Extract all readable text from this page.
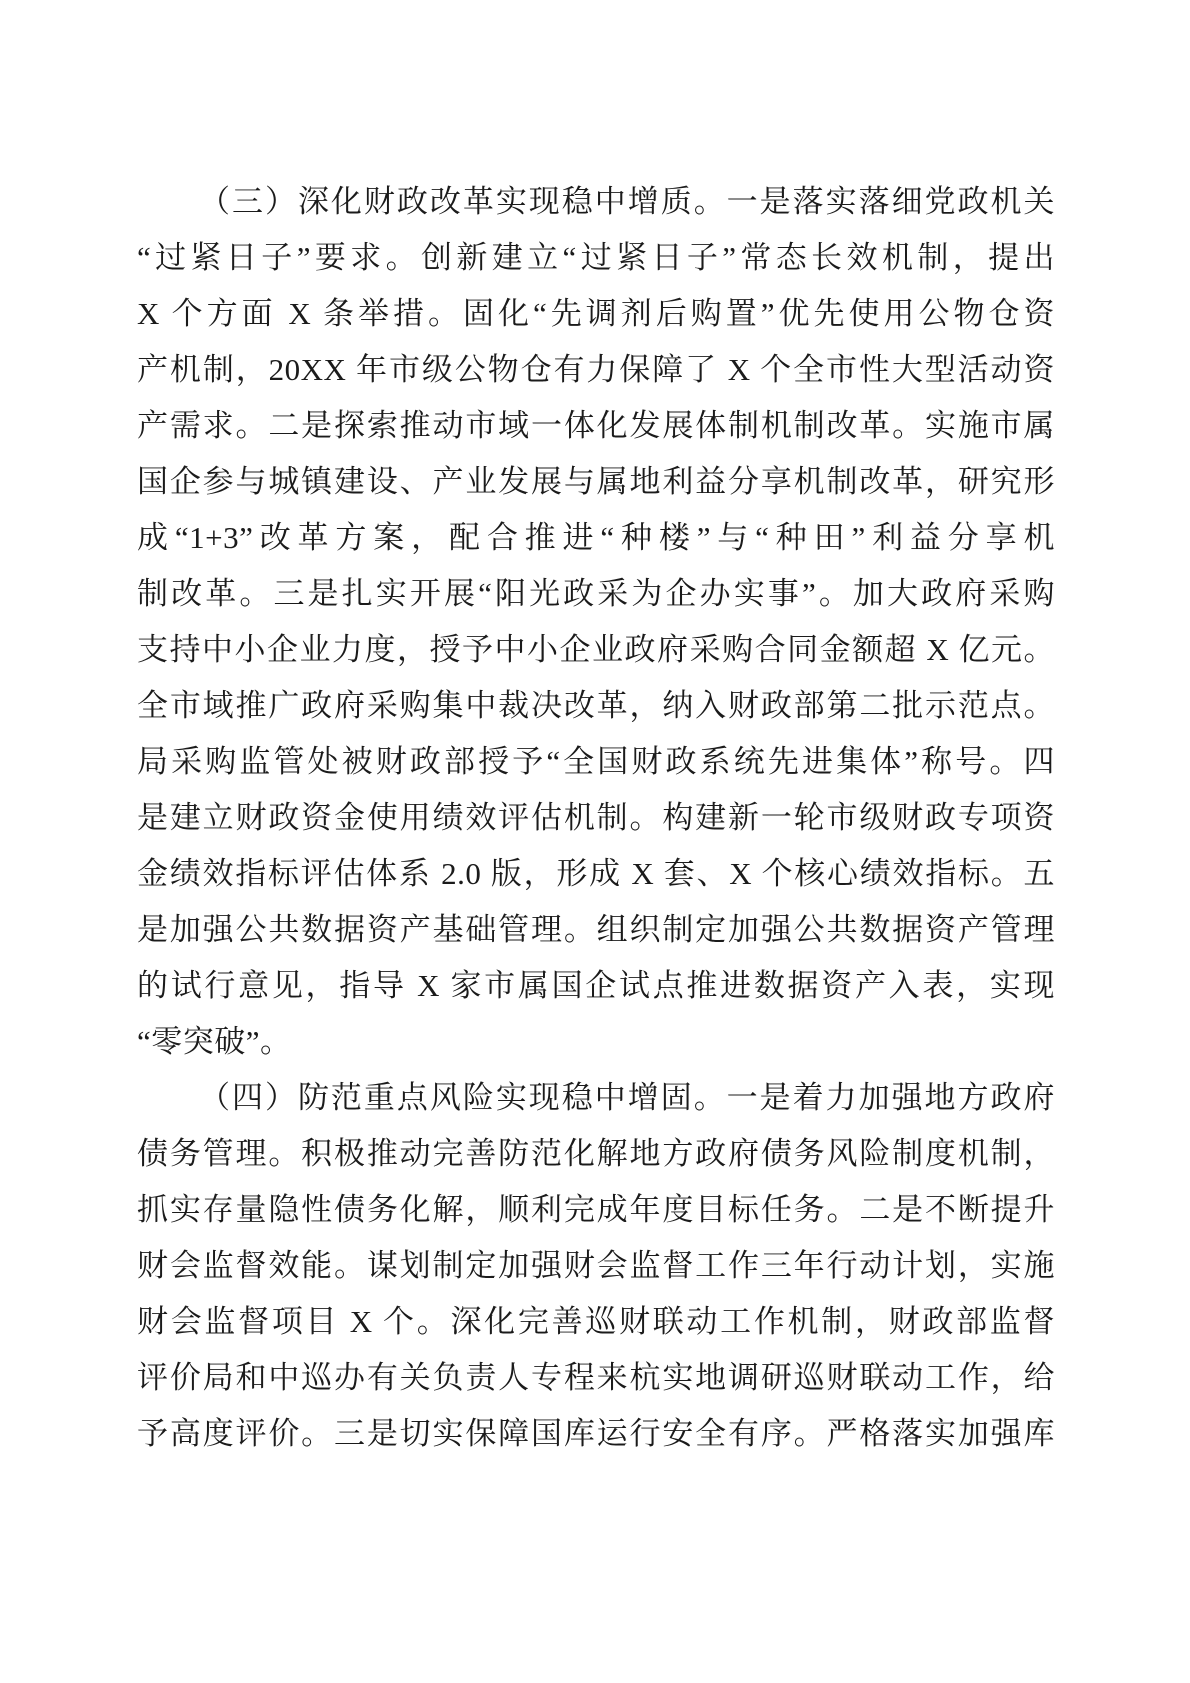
（三）深化财政改革实现稳中增质。一是落实落细党政机关
“过紧日子”要求。创新建立“过紧日子”常态长效机制，提出
X 个方面 X 条举措。固化“先调剂后购置”优先使用公物仓资
产机制，20XX 年市级公物仓有力保障了 X 个全市性大型活动资
产需求。二是探索推动市域一体化发展体制机制改革。实施市属
国企参与城镇建设、产业发展与属地利益分享机制改革，研究形
成“1+3”改革方案，配合推进“种楼”与“种田”利益分享机
制改革。三是扎实开展“阳光政采为企办实事”。加大政府采购
支持中小企业力度，授予中小企业政府采购合同金额超 X 亿元。
全市域推广政府采购集中裁决改革，纳入财政部第二批示范点。
局采购监管处被财政部授予“全国财政系统先进集体”称号。四
是建立财政资金使用绩效评估机制。构建新一轮市级财政专项资
金绩效指标评估体系 2.0 版，形成 X 套、X 个核心绩效指标。五
是加强公共数据资产基础管理。组织制定加强公共数据资产管理
的试行意见，指导 X 家市属国企试点推进数据资产入表，实现
“零突破”。
（四）防范重点风险实现稳中增固。一是着力加强地方政府
债务管理。积极推动完善防范化解地方政府债务风险制度机制，
抓实存量隐性债务化解，顺利完成年度目标任务。二是不断提升
财会监督效能。谋划制定加强财会监督工作三年行动计划，实施
财会监督项目 X 个。深化完善巡财联动工作机制，财政部监督
评价局和中巡办有关负责人专程来杭实地调研巡财联动工作，给
予高度评价。三是切实保障国库运行安全有序。严格落实加强库
